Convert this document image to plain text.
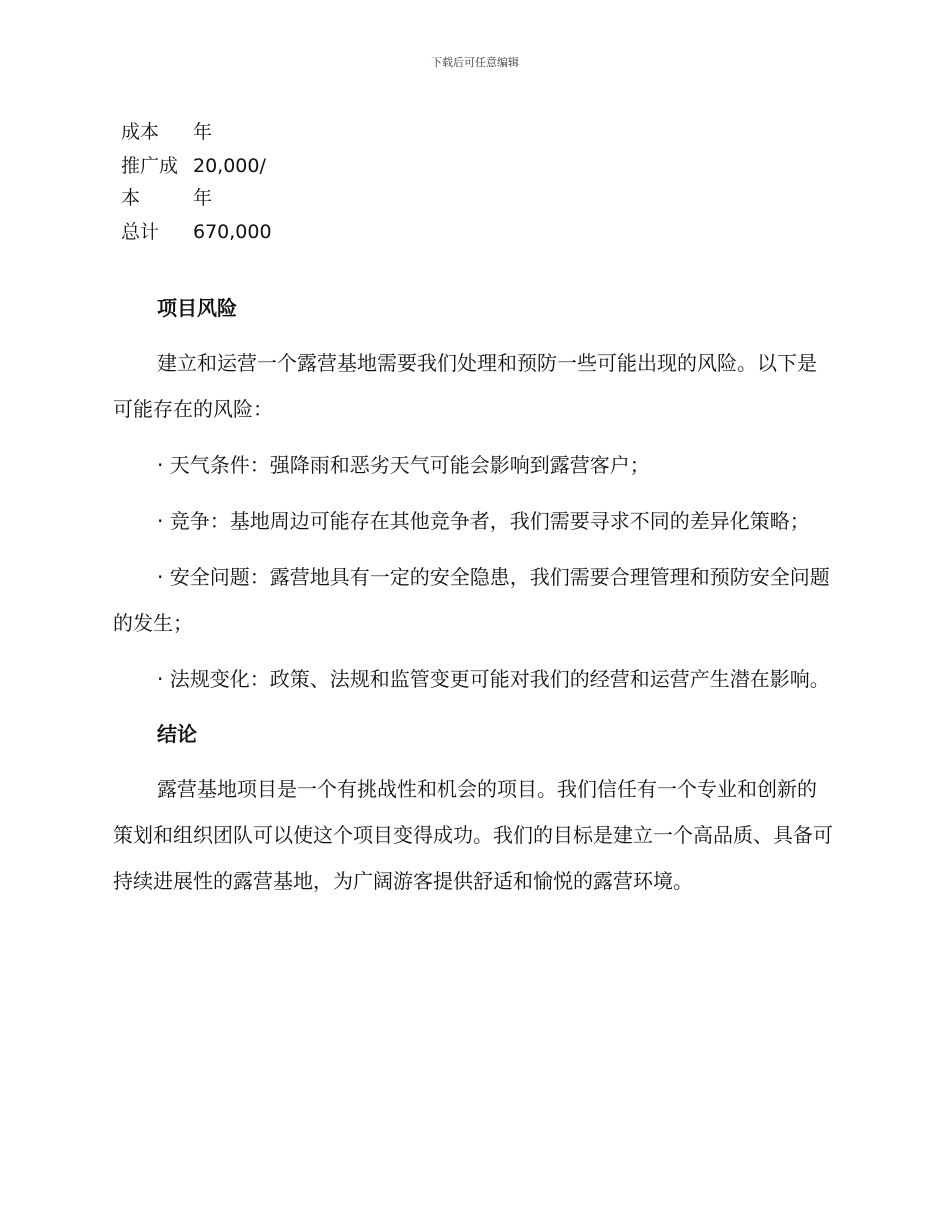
下载后可任意编辑
成本	年
推广成本	20,000/年
总计	670,000

项目风险

建立和运营一个露营基地需要我们处理和预防一些可能出现的风险。以下是可能存在的风险：

· 天气条件：强降雨和恶劣天气可能会影响到露营客户；

· 竞争：基地周边可能存在其他竞争者，我们需要寻求不同的差异化策略；

· 安全问题：露营地具有一定的安全隐患，我们需要合理管理和预防安全问题的发生；

· 法规变化：政策、法规和监管变更可能对我们的经营和运营产生潜在影响。

结论

露营基地项目是一个有挑战性和机会的项目。我们信任有一个专业和创新的策划和组织团队可以使这个项目变得成功。我们的目标是建立一个高品质、具备可持续进展性的露营基地，为广阔游客提供舒适和愉悦的露营环境。
